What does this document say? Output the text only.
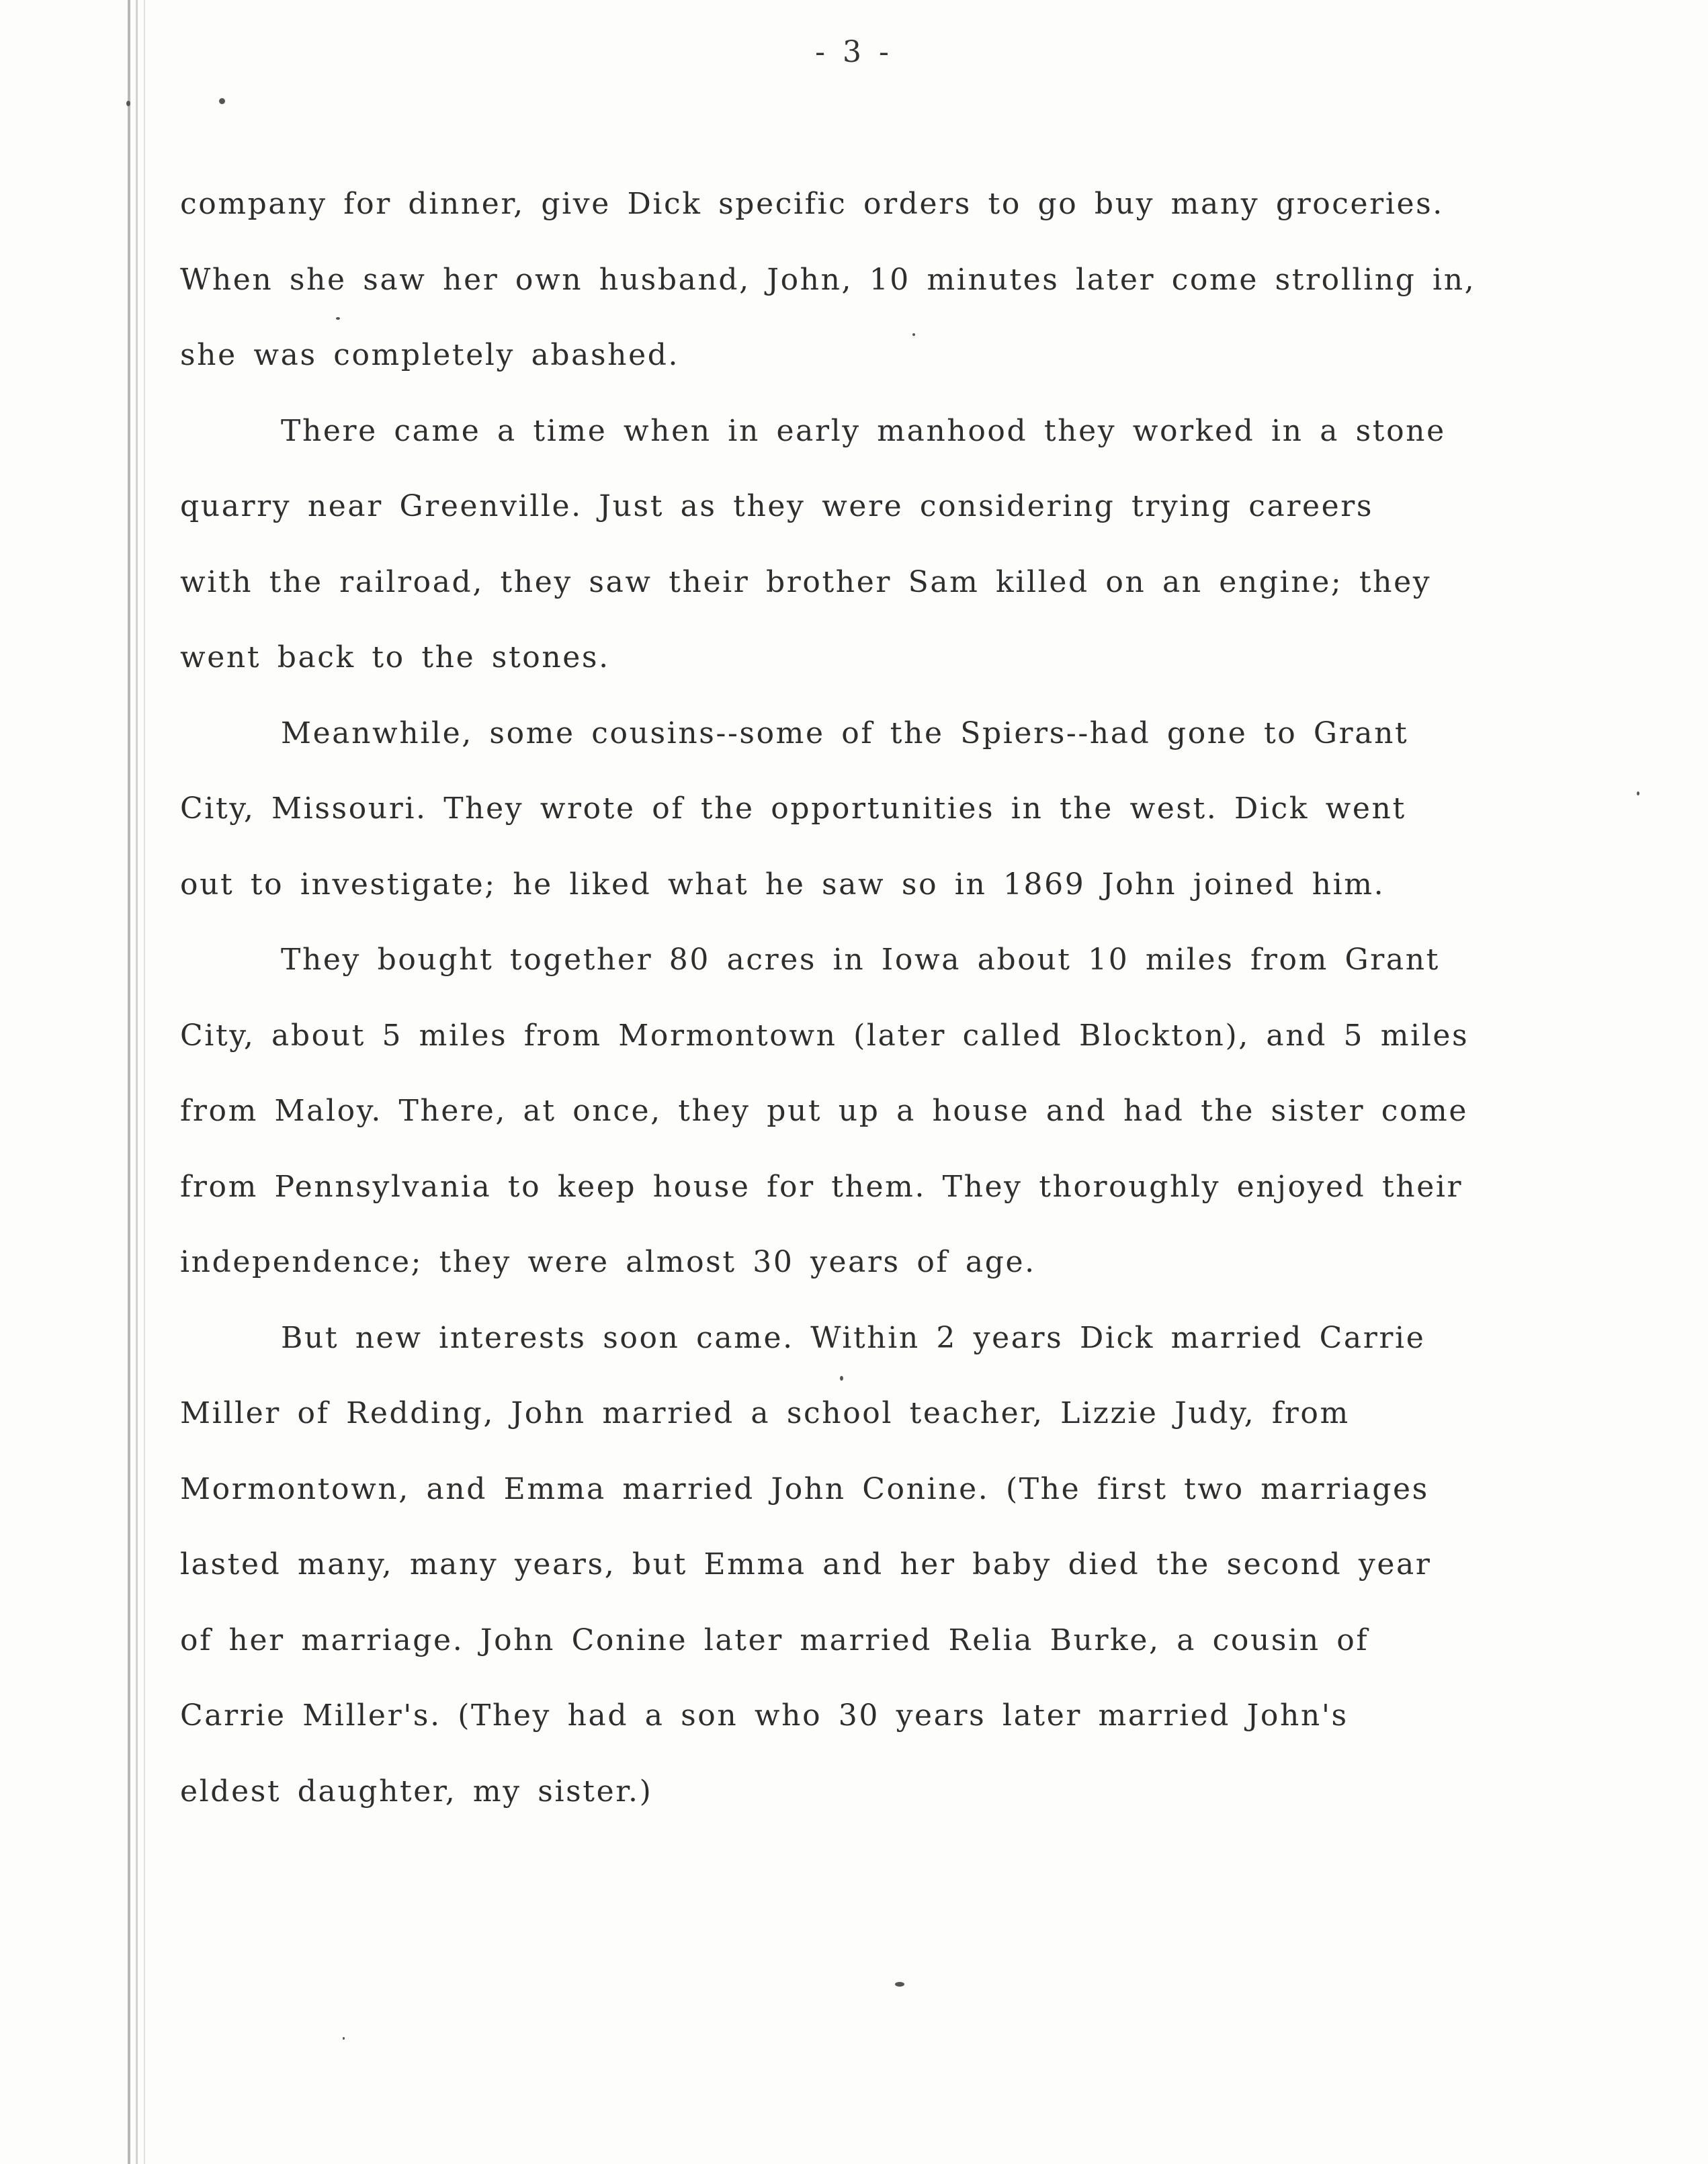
- 3 -
company for dinner, give Dick specific orders to go buy many groceries.
When she saw her own husband, John, 10 minutes later come strolling in,
she was completely abashed.
There came a time when in early manhood they worked in a stone
quarry near Greenville. Just as they were considering trying careers
with the railroad, they saw their brother Sam killed on an engine; they
went back to the stones.
Meanwhile, some cousins--some of the Spiers--had gone to Grant
City, Missouri. They wrote of the opportunities in the west. Dick went
out to investigate; he liked what he saw so in 1869 John joined him.
They bought together 80 acres in Iowa about 10 miles from Grant
City, about 5 miles from Mormontown (later called Blockton), and 5 miles
from Maloy. There, at once, they put up a house and had the sister come
from Pennsylvania to keep house for them. They thoroughly enjoyed their
independence; they were almost 30 years of age.
But new interests soon came. Within 2 years Dick married Carrie
Miller of Redding, John married a school teacher, Lizzie Judy, from
Mormontown, and Emma married John Conine. (The first two marriages
lasted many, many years, but Emma and her baby died the second year
of her marriage. John Conine later married Relia Burke, a cousin of
Carrie Miller's. (They had a son who 30 years later married John's
eldest daughter, my sister.)
